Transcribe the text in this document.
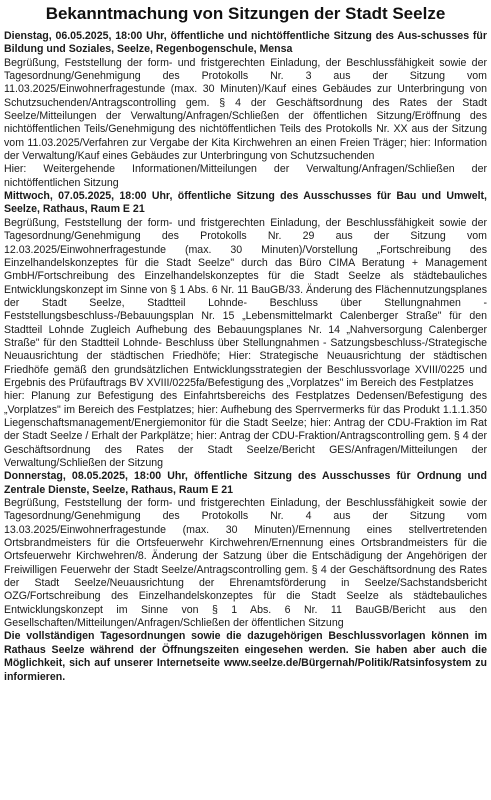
Bekanntmachung von Sitzungen der Stadt Seelze

Dienstag, 06.05.2025, 18:00 Uhr, öffentliche und nichtöffentliche Sitzung des Aus-schusses für Bildung und Soziales, Seelze, Regenbogenschule, Mensa

Begrüßung, Feststellung der form- und fristgerechten Einladung, der Beschlussfähigkeit sowie der Tagesordnung/Genehmigung des Protokolls Nr. 3 aus der Sitzung vom 11.03.2025/Einwohnerfragestunde (max. 30 Minuten)/Kauf eines Gebäudes zur Unterbringung von Schutzsuchenden/Antragscontrolling gem. § 4 der Geschäftsordnung des Rates der Stadt Seelze/Mitteilungen der Verwaltung/Anfragen/Schließen der öffentlichen Sitzung/Eröffnung des nichtöffentlichen Teils/Genehmigung des nichtöffentlichen Teils des Protokolls Nr. XX aus der Sitzung vom 11.03.2025/Verfahren zur Vergabe der Kita Kirchwehren an einen Freien Träger; hier: Information der Verwaltung/Kauf eines Gebäudes zur Unterbringung von Schutzsuchenden

Hier: Weitergehende Informationen/Mitteilungen der Verwaltung/Anfragen/Schließen der nichtöffentlichen Sitzung

Mittwoch, 07.05.2025, 18:00 Uhr, öffentliche Sitzung des Ausschusses für Bau und Umwelt, Seelze, Rathaus, Raum E 21

Begrüßung, Feststellung der form- und fristgerechten Einladung, der Beschlussfähigkeit sowie der Tagesordnung/Genehmigung des Protokolls Nr. 29 aus der Sitzung vom 12.03.2025/Einwohnerfragestunde (max. 30 Minuten)/Vorstellung „Fortschreibung des Einzelhandelskonzeptes für die Stadt Seelze" durch das Büro CIMA Beratung + Management GmbH/Fortschreibung des Einzelhandelskonzeptes für die Stadt Seelze als städtebauliches Entwicklungskonzept im Sinne von § 1 Abs. 6 Nr. 11 BauGB/33. Änderung des Flächennutzungsplanes der Stadt Seelze, Stadtteil Lohnde- Beschluss über Stellungnahmen -Feststellungsbeschluss-/Bebauungsplan Nr. 15 „Lebensmittelmarkt Calenberger Straße" für den Stadtteil Lohnde Zugleich Aufhebung des Bebauungsplanes Nr. 14 „Nahversorgung Calenberger Straße" für den Stadtteil Lohnde- Beschluss über Stellungnahmen - Satzungsbeschluss-/Strategische Neuausrichtung der städtischen Friedhöfe; Hier: Strategische Neuausrichtung der städtischen Friedhöfe gemäß den grundsätzlichen Entwicklungsstrategien der Beschlussvorlage XVIII/0225 und Ergebnis des Prüfauftrags BV XVIII/0225fa/Befestigung des „Vorplatzes" im Bereich des Festplatzes

hier: Planung zur Befestigung des Einfahrtsbereichs des Festplatzes Dedensen/Befestigung des „Vorplatzes" im Bereich des Festplatzes; hier: Aufhebung des Sperrvermerks für das Produkt 1.1.1.350 Liegenschaftsmanagement/Energiemonitor für die Stadt Seelze; hier: Antrag der CDU-Fraktion im Rat der Stadt Seelze / Erhalt der Parkplätze; hier: Antrag der CDU-Fraktion/Antragscontrolling gem. § 4 der Geschäftsordnung des Rates der Stadt Seelze/Bericht GES/Anfragen/Mitteilungen der Verwaltung/Schließen der Sitzung

Donnerstag, 08.05.2025, 18:00 Uhr, öffentliche Sitzung des Ausschusses für Ordnung und Zentrale Dienste, Seelze, Rathaus, Raum E 21

Begrüßung, Feststellung der form- und fristgerechten Einladung, der Beschlussfähigkeit sowie der Tagesordnung/Genehmigung des Protokolls Nr. 4 aus der Sitzung vom 13.03.2025/Einwohnerfragestunde (max. 30 Minuten)/Ernennung eines stellvertretenden Ortsbrandmeisters für die Ortsfeuerwehr Kirchwehren/Ernennung eines Ortsbrandmeisters für die Ortsfeuerwehr Kirchwehren/8. Änderung der Satzung über die Entschädigung der Angehörigen der Freiwilligen Feuerwehr der Stadt Seelze/Antragscontrolling gem. § 4 der Geschäftsordnung des Rates der Stadt Seelze/Neuausrichtung der Ehrenamtsförderung in Seelze/Sachstandsbericht OZG/Fortschreibung des Einzelhandelskonzeptes für die Stadt Seelze als städtebauliches Entwicklungskonzept im Sinne von § 1 Abs. 6 Nr. 11 BauGB/Bericht aus den Gesellschaften/Mitteilungen/Anfragen/Schließen der öffentlichen Sitzung

Die vollständigen Tagesordnungen sowie die dazugehörigen Beschlussvorlagen können im Rathaus Seelze während der Öffnungszeiten eingesehen werden. Sie haben aber auch die Möglichkeit, sich auf unserer Internetseite www.seelze.de/Bürgernah/Politik/Ratsinfosystem zu informieren.
